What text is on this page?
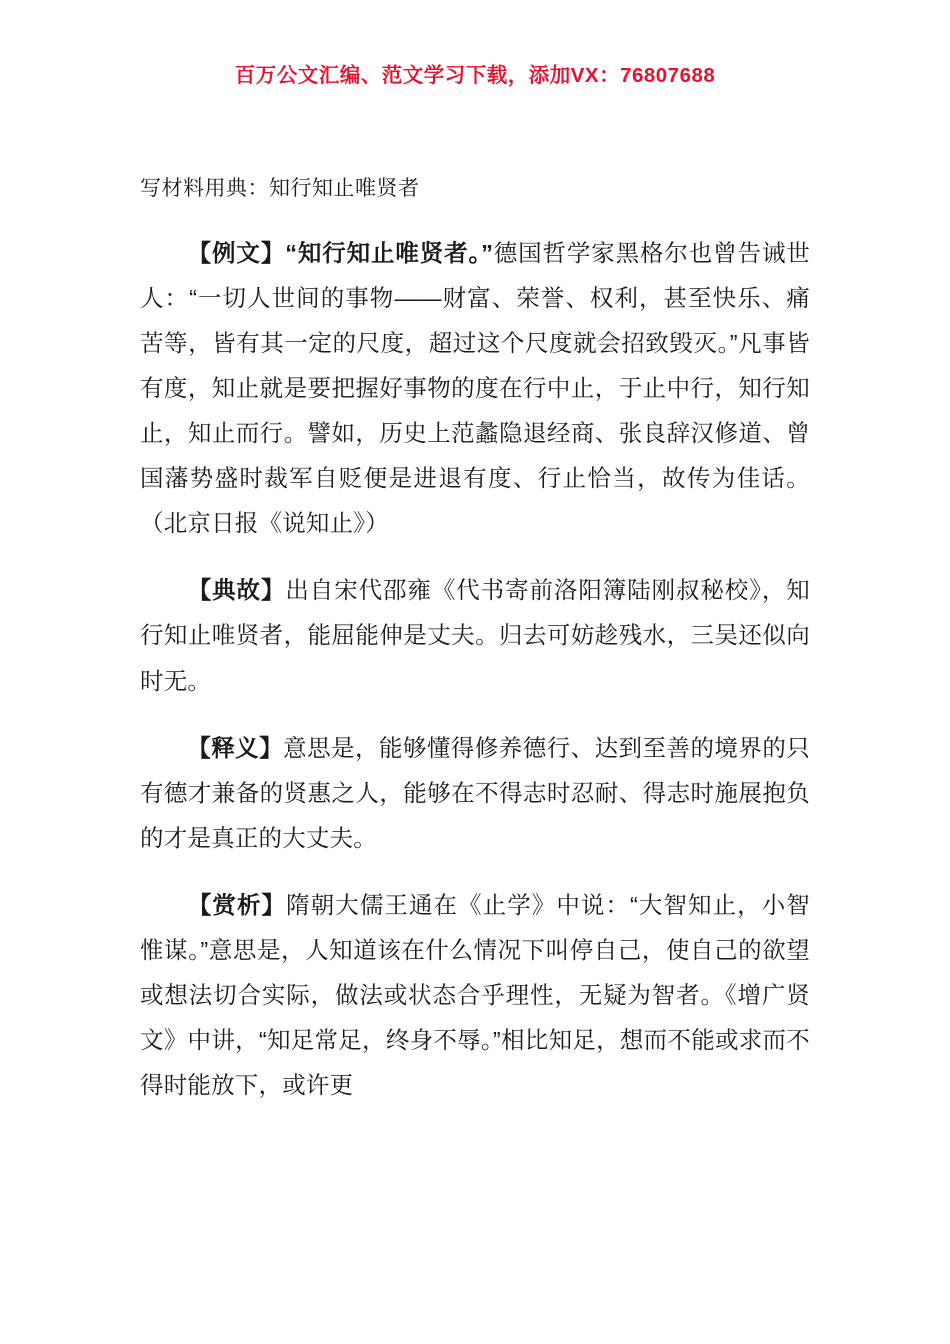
百万公文汇编、范文学习下载，添加VX：76807688
写材料用典：知行知止唯贤者
【例文】“知行知止唯贤者。”德国哲学家黑格尔也曾告诫世人：“一切人世间的事物——财富、荣誉、权利，甚至快乐、痛苦等，皆有其一定的尺度，超过这个尺度就会招致毁灭。”凡事皆有度，知止就是要把握好事物的度在行中止，于止中行，知行知止，知止而行。譬如，历史上范蠡隐退经商、张良辞汉修道、曾国藩势盛时裁军自贬便是进退有度、行止恰当，故传为佳话。（北京日报《说知止》）
【典故】出自宋代邵雍《代书寄前洛阳簿陆刚叔秘校》，知行知止唯贤者，能屈能伸是丈夫。归去可妨趁残水，三吴还似向时无。
【释义】意思是，能够懂得修养德行、达到至善的境界的只有德才兼备的贤惠之人，能够在不得志时忍耐、得志时施展抱负的才是真正的大丈夫。
【赏析】隋朝大儒王通在《止学》中说：“大智知止，小智惟谋。”意思是，人知道该在什么情况下叫停自己，使自己的欲望或想法切合实际，做法或状态合乎理性，无疑为智者。《增广贤文》中讲，“知足常足，终身不辱。”相比知足，想而不能或求而不得时能放下，或许更
